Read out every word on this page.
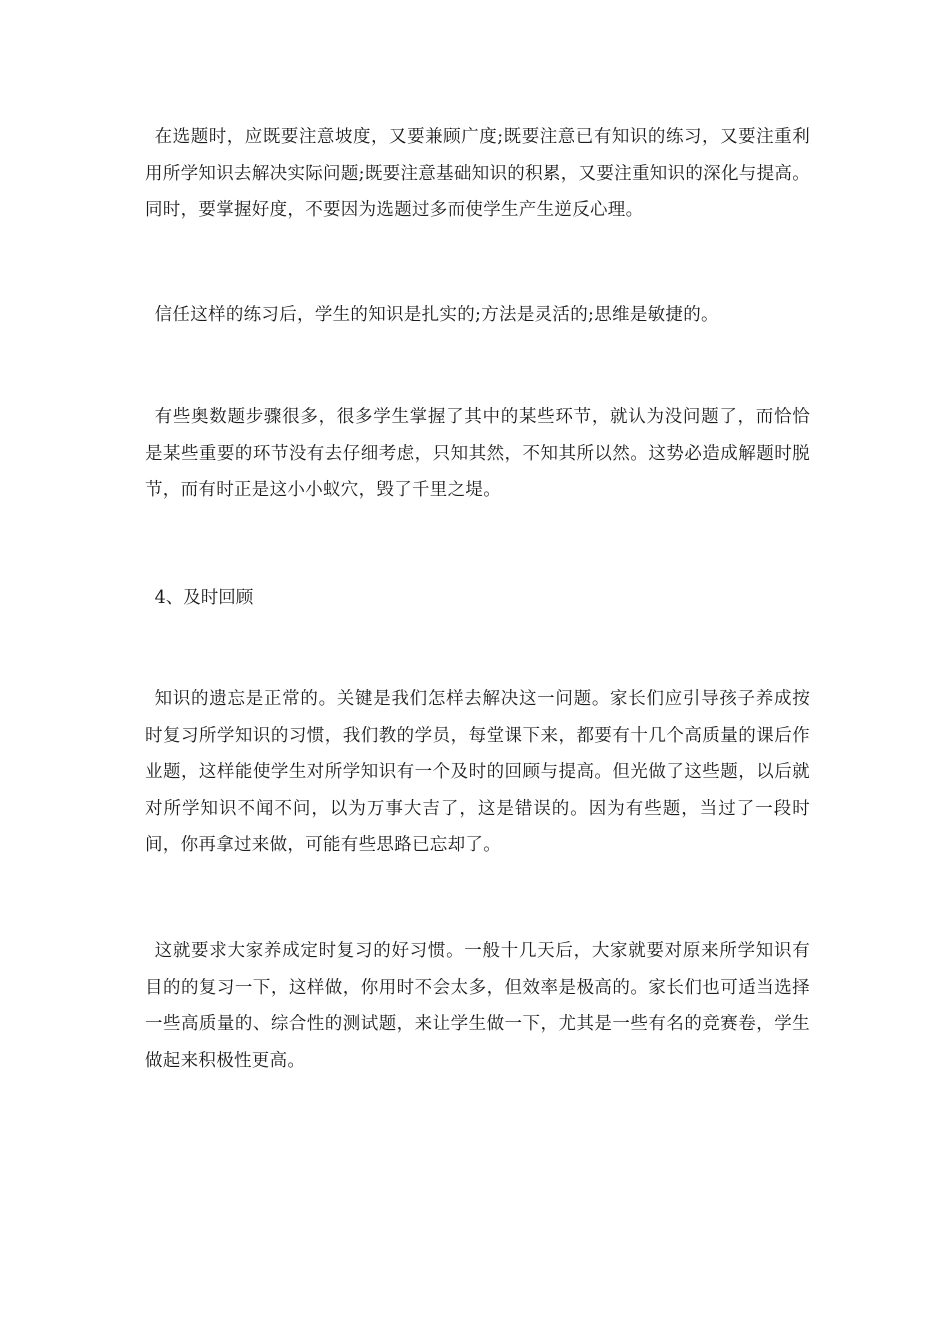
在选题时，应既要注意坡度，又要兼顾广度;既要注意已有知识的练习，又要注重利用所学知识去解决实际问题;既要注意基础知识的积累，又要注重知识的深化与提高。同时，要掌握好度，不要因为选题过多而使学生产生逆反心理。

信任这样的练习后，学生的知识是扎实的;方法是灵活的;思维是敏捷的。

有些奥数题步骤很多，很多学生掌握了其中的某些环节，就认为没问题了，而恰恰是某些重要的环节没有去仔细考虑，只知其然，不知其所以然。这势必造成解题时脱节，而有时正是这小小蚁穴，毁了千里之堤。

4、及时回顾

知识的遗忘是正常的。关键是我们怎样去解决这一问题。家长们应引导孩子养成按时复习所学知识的习惯，我们教的学员，每堂课下来，都要有十几个高质量的课后作业题，这样能使学生对所学知识有一个及时的回顾与提高。但光做了这些题，以后就对所学知识不闻不问，以为万事大吉了，这是错误的。因为有些题，当过了一段时间，你再拿过来做，可能有些思路已忘却了。

这就要求大家养成定时复习的好习惯。一般十几天后，大家就要对原来所学知识有目的的复习一下，这样做，你用时不会太多，但效率是极高的。家长们也可适当选择一些高质量的、综合性的测试题，来让学生做一下，尤其是一些有名的竞赛卷，学生做起来积极性更高。
